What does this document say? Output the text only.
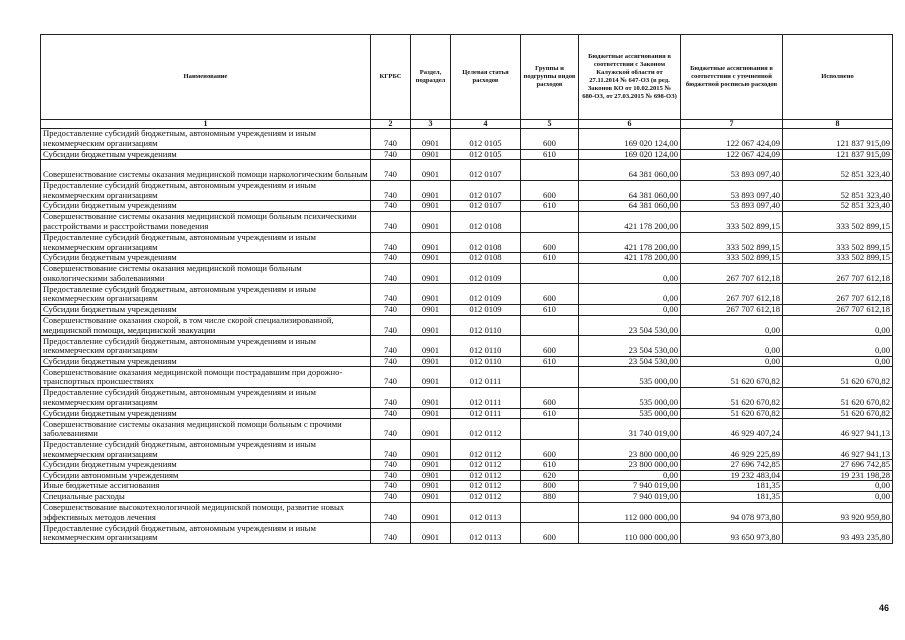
Наименование	КГРБС	Раздел, подраздел	Целевая статья расходов	Группы и подгруппы видов расходов	Бюджетные ассигнования в соответствии с Законом Калужской области от 27.11.2014 № 647-ОЗ (в ред. Законов КО от 10.02.2015 № 680-ОЗ, от 27.03.2015 № 698-ОЗ)	Бюджетные ассигнования в соответствии с уточненной бюджетной росписью расходов	Исполнено
1	2	3	4	5	6	7	8
Предоставление субсидий бюджетным, автономным учреждениям и иным некоммерческим организациям	740	0901	012 0105	600	169 020 124,00	122 067 424,09	121 837 915,09
Субсидии бюджетным учреждениям	740	0901	012 0105	610	169 020 124,00	122 067 424,09	121 837 915,09
Совершенствование системы оказания медицинской помощи наркологическим больным	740	0901	012 0107		64 381 060,00	53 893 097,40	52 851 323,40
Предоставление субсидий бюджетным, автономным учреждениям и иным некоммерческим организациям	740	0901	012 0107	600	64 381 060,00	53 893 097,40	52 851 323,40
Субсидии бюджетным учреждениям	740	0901	012 0107	610	64 381 060,00	53 893 097,40	52 851 323,40
Совершенствование системы оказания медицинской помощи больным психическими расстройствами и расстройствами поведения	740	0901	012 0108		421 178 200,00	333 502 899,15	333 502 899,15
Предоставление субсидий бюджетным, автономным учреждениям и иным некоммерческим организациям	740	0901	012 0108	600	421 178 200,00	333 502 899,15	333 502 899,15
Субсидии бюджетным учреждениям	740	0901	012 0108	610	421 178 200,00	333 502 899,15	333 502 899,15
Совершенствование системы оказания медицинской помощи больным онкологическими заболеваниями	740	0901	012 0109		0,00	267 707 612,18	267 707 612,18
Предоставление субсидий бюджетным, автономным учреждениям и иным некоммерческим организациям	740	0901	012 0109	600	0,00	267 707 612,18	267 707 612,18
Субсидии бюджетным учреждениям	740	0901	012 0109	610	0,00	267 707 612,18	267 707 612,18
Совершенствование оказания скорой, в том числе скорой специализированной, медицинской помощи, медицинской эвакуации	740	0901	012 0110		23 504 530,00	0,00	0,00
Предоставление субсидий бюджетным, автономным учреждениям и иным некоммерческим организациям	740	0901	012 0110	600	23 504 530,00	0,00	0,00
Субсидии бюджетным учреждениям	740	0901	012 0110	610	23 504 530,00	0,00	0,00
Совершенствование оказания медицинской помощи пострадавшим при дорожно-транспортных происшествиях	740	0901	012 0111		535 000,00	51 620 670,82	51 620 670,82
Предоставление субсидий бюджетным, автономным учреждениям и иным некоммерческим организациям	740	0901	012 0111	600	535 000,00	51 620 670,82	51 620 670,82
Субсидии бюджетным учреждениям	740	0901	012 0111	610	535 000,00	51 620 670,82	51 620 670,82
Совершенствование системы оказания медицинской помощи больным с прочими заболеваниями	740	0901	012 0112		31 740 019,00	46 929 407,24	46 927 941,13
Предоставление субсидий бюджетным, автономным учреждениям и иным некоммерческим организациям	740	0901	012 0112	600	23 800 000,00	46 929 225,89	46 927 941,13
Субсидии бюджетным учреждениям	740	0901	012 0112	610	23 800 000,00	27 696 742,85	27 696 742,85
Субсидии автономным учреждениям	740	0901	012 0112	620	0,00	19 232 483,04	19 231 198,28
Иные бюджетные ассигнования	740	0901	012 0112	800	7 940 019,00	181,35	0,00
Специальные расходы	740	0901	012 0112	880	7 940 019,00	181,35	0,00
Совершенствование высокотехнологичной медицинской помощи, развитие новых эффективных методов лечения	740	0901	012 0113		112 000 000,00	94 078 973,80	93 920 959,80
Предоставление субсидий бюджетным, автономным учреждениям и иным некоммерческим организациям	740	0901	012 0113	600	110 000 000,00	93 650 973,80	93 493 235,80
46
